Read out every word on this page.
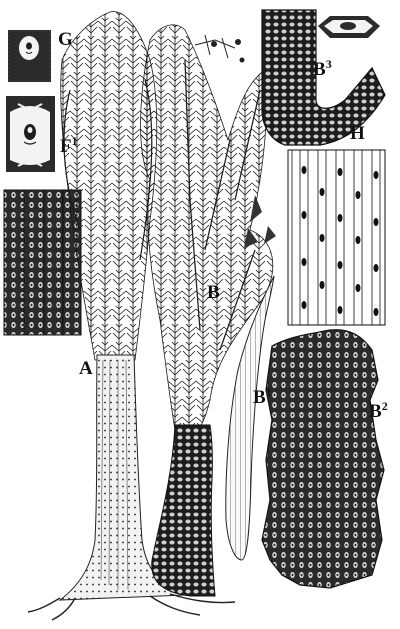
G
$F^1$
$B^3$
H
B
A
$B^1$
$B^2$
